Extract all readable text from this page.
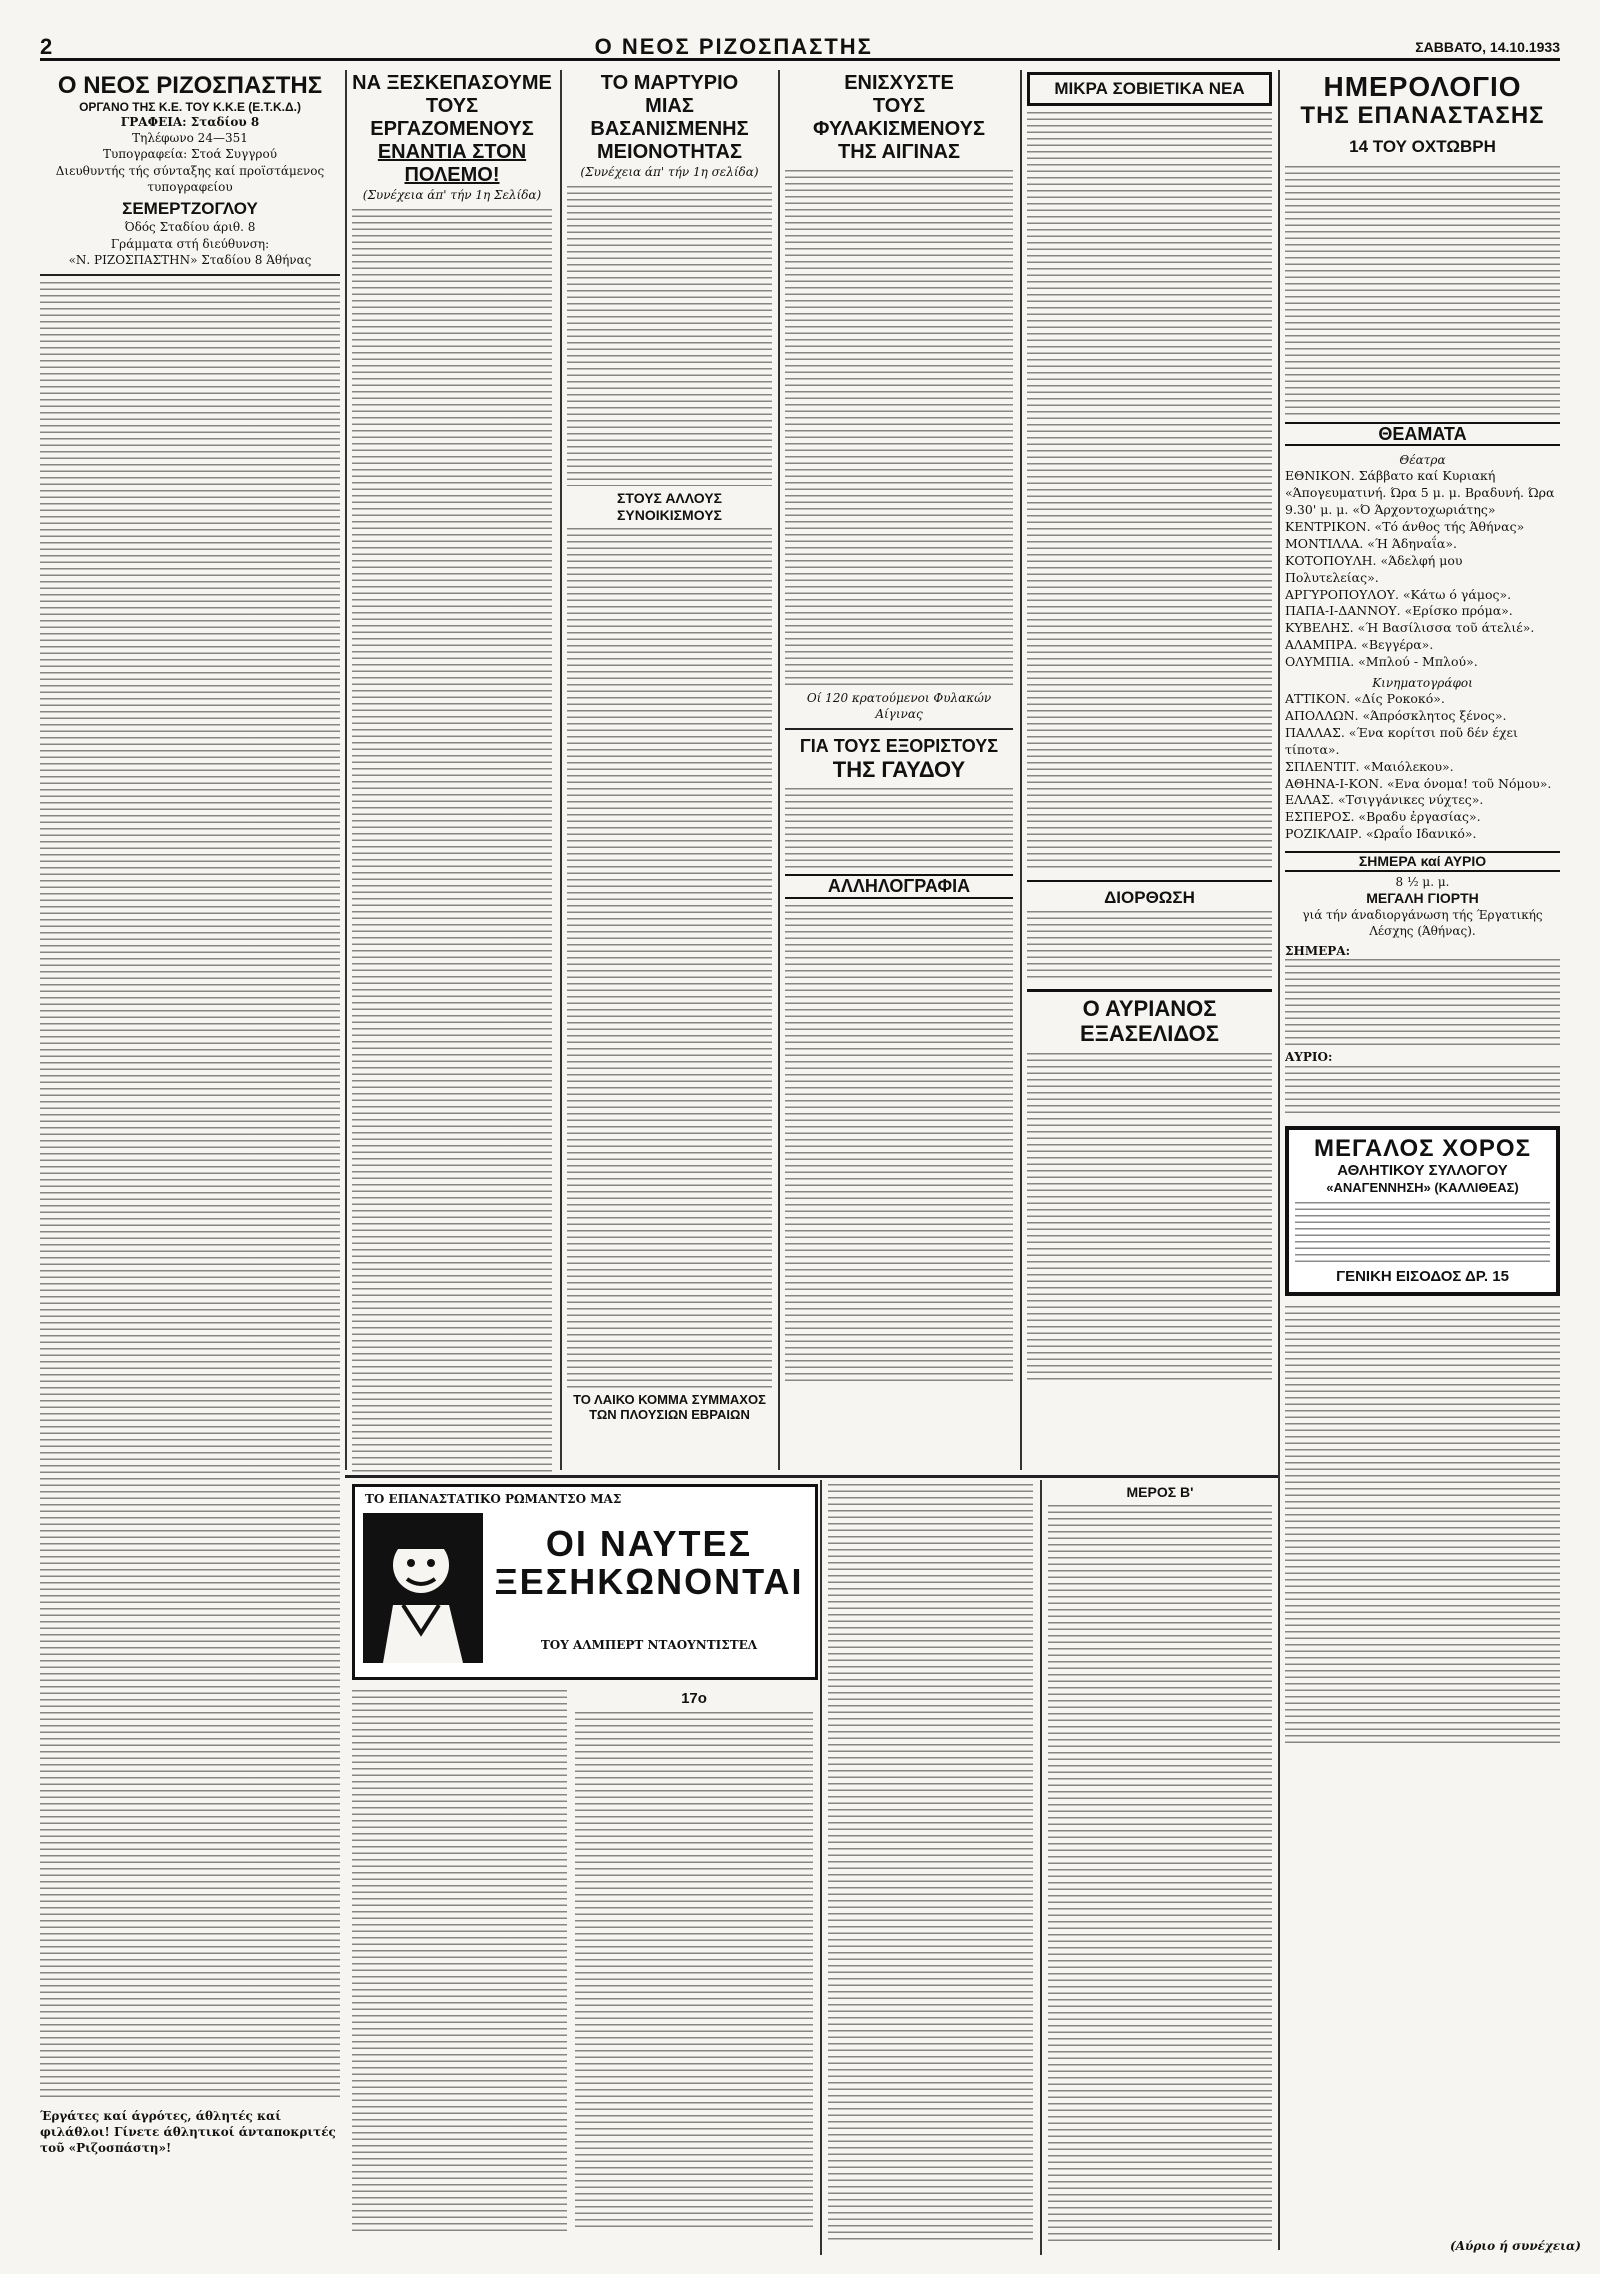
2	Ο ΝΕΟΣ ΡΙΖΟΣΠΑΣΤΗΣ	ΣΑΒΒΑΤΟ, 14.10.1933
Ο ΝΕΟΣ ΡΙΖΟΣΠΑΣΤΗΣ
ΟΡΓΑΝΟ ΤΗΣ Κ.Ε. ΤΟΥ Κ.Κ.Ε (Ε.Τ.Κ.Δ.)
ΓΡΑΦΕΙΑ: Σταδίου 8
Τηλέφωνο 24—351
Τυπογραφεία: Στοά Συγγρού
Διευθυντής τής σύνταξης καί προϊστάμενος τυπογραφείου
ΣΕΜΕΡΤΖΟΓΛΟΥ
Όδός Σταδίου άριθ. 8
Γράμματα στή διεύθυνση:
«Ν. ΡΙΖΟΣΠΑΣΤΗΝ» Σταδίου 8 Άθήνας
Έργάτες καί άγρότες, άθλητές καί φιλάθλοι! Γίνετε άθλητικοί άνταποκριτές τοῦ «Ριζοσπάστη»!
ΝΑ ΞΕΣΚΕΠΑΣΟΥΜΕ
ΤΟΥΣ ΕΡΓΑΖΟΜΕΝΟΥΣ
ΕΝΑΝΤΙΑ ΣΤΟΝ ΠΟΛΕΜΟ!
(Συνέχεια άπ' τήν 1η Σελίδα)
ΤΟ ΜΑΡΤΥΡΙΟ
ΜΙΑΣ ΒΑΣΑΝΙΣΜΕΝΗΣ
ΜΕΙΟΝΟΤΗΤΑΣ
(Συνέχεια άπ' τήν 1η σελίδα)
ΣΤΟΥΣ ΑΛΛΟΥΣ ΣΥΝΟΙΚΙΣΜΟΥΣ
ΤΟ ΛΑΙΚΟ ΚΟΜΜΑ ΣΥΜΜΑΧΟΣ ΤΩΝ ΠΛΟΥΣΙΩΝ ΕΒΡΑΙΩΝ
ΕΝΙΣΧΥΣΤΕ
ΤΟΥΣ ΦΥΛΑΚΙΣΜΕΝΟΥΣ
ΤΗΣ ΑΙΓΙΝΑΣ
Οί 120 κρατούμενοι Φυλακών Αίγινας
ΓΙΑ ΤΟΥΣ ΕΞΟΡΙΣΤΟΥΣ
ΤΗΣ ΓΑΥΔΟΥ
ΑΛΛΗΛΟΓΡΑΦΙΑ
ΜΙΚΡΑ ΣΟΒΙΕΤΙΚΑ ΝΕΑ
ΔΙΟΡΘΩΣΗ
Ο ΑΥΡΙΑΝΟΣ
ΕΞΑΣΕΛΙΔΟΣ
ΗΜΕΡΟΛΟΓΙΟ
ΤΗΣ ΕΠΑΝΑΣΤΑΣΗΣ
14 ΤΟΥ ΟΧΤΩΒΡΗ
ΘΕΑΜΑΤΑ
Θέατρα

ΕΘΝΙΚΟΝ. Σάββατο καί Κυριακή «Άπογευματινή. Ώρα 5 μ. μ. Βραδυνή. Ώρα 9.30' μ. μ. «Ό Άρχοντοχωριάτης»

ΚΕΝΤΡΙΚΟΝ. «Τό άνθος τής Άθήνας»

ΜΟΝΤΙΛΛΑ. «Ή Άδηναΐα».

ΚΟΤΟΠΟΥΛΗ. «Άδελφή μου Πολυτελείας».

ΑΡΓΥΡΟΠΟΥΛΟΥ. «Κάτω ό γάμος».

ΠΑΠΑ-Ι-ΔΑΝΝΟΥ. «Ερίσκο πρόμα».

ΚΥΒΕΛΗΣ. «Ή Βασίλισσα τοῦ άτελιέ».

ΑΛΑΜΠΡΑ. «Βεγγέρα».

ΟΛΥΜΠΙΑ. «Μπλού - Μπλού».

Κινηματογράφοι

ΑΤΤΙΚΟΝ. «Δίς Ροκοκό».

ΑΠΟΛΛΩΝ. «Άπρόσκλητος ξένος».

ΠΑΛΛΑΣ. «Ένα κορίτσι ποῦ δέν έχει τίποτα».

ΣΠΛΕΝΤΙΤ. «Μαιόλεκου».

ΑΘΗΝΑ-Ι-ΚΟΝ. «Ενα όνομα! τοῦ Νόμου».

ΕΛΛΑΣ. «Τσιγγάνικες νύχτες».

ΕΣΠΕΡΟΣ. «Βραδυ ἐργασίας».

ΡΟΖΙΚΛΑΙΡ. «Ωραΐο Ιδανικό».

ΣΗΜΕΡΑ καί ΑΥΡΙΟ
8 ½ μ. μ.
ΜΕΓΑΛΗ ΓΙΟΡΤΗ
γιά τήν άναδιοργάνωση τής Έργατικής Λέσχης (Άθήνας).
ΣΗΜΕΡΑ:
ΑΥΡΙΟ:
ΜΕΓΑΛΟΣ ΧΟΡΟΣ
ΑΘΛΗΤΙΚΟΥ ΣΥΛΛΟΓΟΥ
«ΑΝΑΓΕΝΝΗΣΗ» (ΚΑΛΛΙΘΕΑΣ)
ΓΕΝΙΚΗ ΕΙΣΟΔΟΣ ΔΡ. 15
ΤΟ ΕΠΑΝΑΣΤΑΤΙΚΟ ΡΩΜΑΝΤΣΟ ΜΑΣ
ΟΙ ΝΑΥΤΕΣ ΞΕΣΗΚΩΝΟΝΤΑΙ
ΤΟΥ ΑΛΜΠΕΡΤ ΝΤΑΟΥΝΤΙΣΤΕΛ
17ο
ΜΕΡΟΣ Β'
(Αύριο ή συνέχεια)
